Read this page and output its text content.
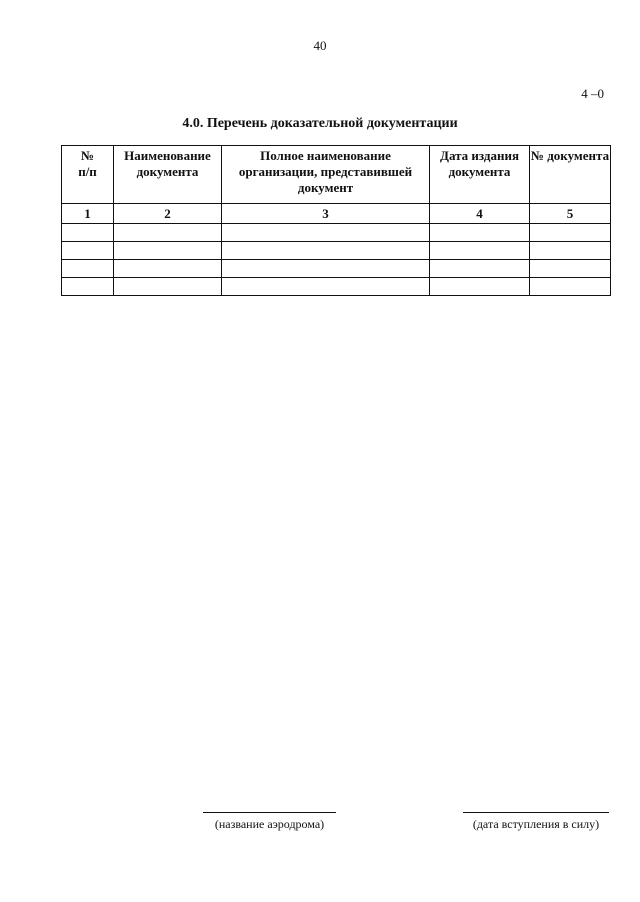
40
4 –0
4.0. Перечень доказательной документации
№
п/п	Наименование документа	Полное наименование организации, представившей документ	Дата издания документа	№ документа
1	2	3	4	5

(название аэродрома)	(дата вступления в силу)
